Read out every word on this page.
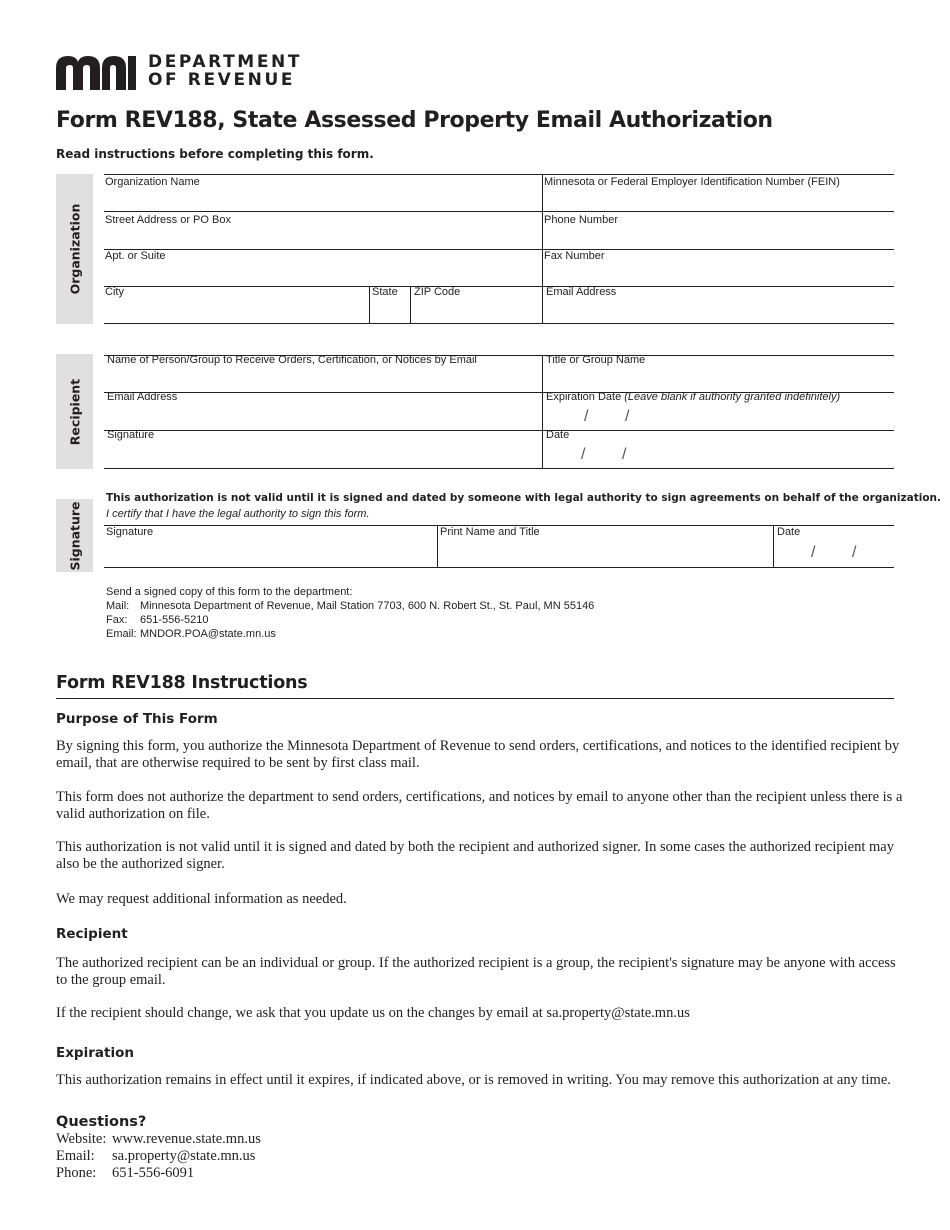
DEPARTMENT
OF REVENUE
Form REV188, State Assessed Property Email Authorization
Read instructions before completing this form.
Organization
Organization Name	Minnesota or Federal Employer Identification Number (FEIN)
Street Address or PO Box	Phone Number
Apt. or Suite	Fax Number
City	State	ZIP Code	Email Address
Recipient
Name of Person/Group to Receive Orders, Certification, or Notices by Email	Title or Group Name
Email Address	Expiration Date (Leave blank if authority granted indefinitely)
/ /
Signature	Date
/ /
Signature
This authorization is not valid until it is signed and dated by someone with legal authority to sign agreements on behalf of the organization.
I certify that I have the legal authority to sign this form.
Signature	Print Name and Title	Date
/ /
Send a signed copy of this form to the department:
Mail: Minnesota Department of Revenue, Mail Station 7703, 600 N. Robert St., St. Paul, MN 55146
Fax: 651-556-5210
Email: MNDOR.POA@state.mn.us
Form REV188 Instructions
Purpose of This Form
By signing this form, you authorize the Minnesota Department of Revenue to send orders, certifications, and notices to the identified recipient by email, that are otherwise required to be sent by first class mail.
This form does not authorize the department to send orders, certifications, and notices by email to anyone other than the recipient unless there is a valid authorization on file.
This authorization is not valid until it is signed and dated by both the recipient and authorized signer. In some cases the authorized recipient may also be the authorized signer.
We may request additional information as needed.
Recipient
The authorized recipient can be an individual or group. If the authorized recipient is a group, the recipient's signature may be anyone with access to the group email.
If the recipient should change, we ask that you update us on the changes by email at sa.property@state.mn.us
Expiration
This authorization remains in effect until it expires, if indicated above, or is removed in writing. You may remove this authorization at any time.
Questions?
Website: www.revenue.state.mn.us
Email: sa.property@state.mn.us
Phone: 651-556-6091
